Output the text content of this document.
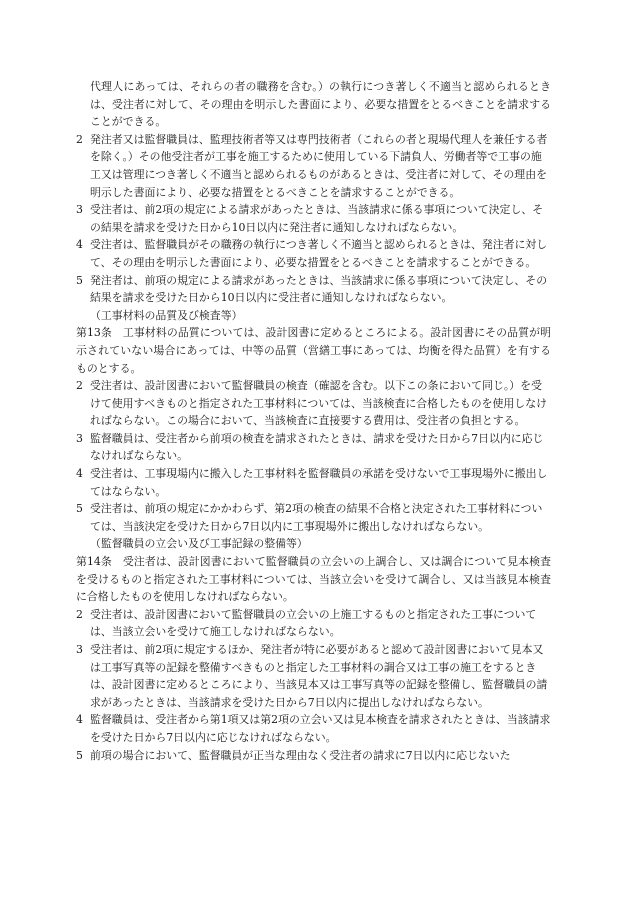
代理人にあっては、それらの者の職務を含む。）の執行につき著しく不適当と認められるときは、受注者に対して、その理由を明示した書面により、必要な措置をとるべきことを請求することができる。
2 発注者又は監督職員は、監理技術者等又は専門技術者（これらの者と現場代理人を兼任する者を除く。）その他受注者が工事を施工するために使用している下請負人、労働者等で工事の施工又は管理につき著しく不適当と認められるものがあるときは、受注者に対して、その理由を明示した書面により、必要な措置をとるべきことを請求することができる。
3 受注者は、前2項の規定による請求があったときは、当該請求に係る事項について決定し、その結果を請求を受けた日から10日以内に発注者に通知しなければならない。
4 受注者は、監督職員がその職務の執行につき著しく不適当と認められるときは、発注者に対して、その理由を明示した書面により、必要な措置をとるべきことを請求することができる。
5 発注者は、前項の規定による請求があったときは、当該請求に係る事項について決定し、その結果を請求を受けた日から10日以内に受注者に通知しなければならない。
（工事材料の品質及び検査等）
第13条　工事材料の品質については、設計図書に定めるところによる。設計図書にその品質が明示されていない場合にあっては、中等の品質（営繕工事にあっては、均衡を得た品質）を有するものとする。
2 受注者は、設計図書において監督職員の検査（確認を含む。以下この条において同じ。）を受けて使用すべきものと指定された工事材料については、当該検査に合格したものを使用しなければならない。この場合において、当該検査に直接要する費用は、受注者の負担とする。
3 監督職員は、受注者から前項の検査を請求されたときは、請求を受けた日から7日以内に応じなければならない。
4 受注者は、工事現場内に搬入した工事材料を監督職員の承諾を受けないで工事現場外に搬出してはならない。
5 受注者は、前項の規定にかかわらず、第2項の検査の結果不合格と決定された工事材料については、当該決定を受けた日から7日以内に工事現場外に搬出しなければならない。
（監督職員の立会い及び工事記録の整備等）
第14条　受注者は、設計図書において監督職員の立会いの上調合し、又は調合について見本検査を受けるものと指定された工事材料については、当該立会いを受けて調合し、又は当該見本検査に合格したものを使用しなければならない。
2 受注者は、設計図書において監督職員の立会いの上施工するものと指定された工事については、当該立会いを受けて施工しなければならない。
3 受注者は、前2項に規定するほか、発注者が特に必要があると認めて設計図書において見本又は工事写真等の記録を整備すべきものと指定した工事材料の調合又は工事の施工をするときは、設計図書に定めるところにより、当該見本又は工事写真等の記録を整備し、監督職員の請求があったときは、当該請求を受けた日から7日以内に提出しなければならない。
4 監督職員は、受注者から第1項又は第2項の立会い又は見本検査を請求されたときは、当該請求を受けた日から7日以内に応じなければならない。
5 前項の場合において、監督職員が正当な理由なく受注者の請求に7日以内に応じないた
